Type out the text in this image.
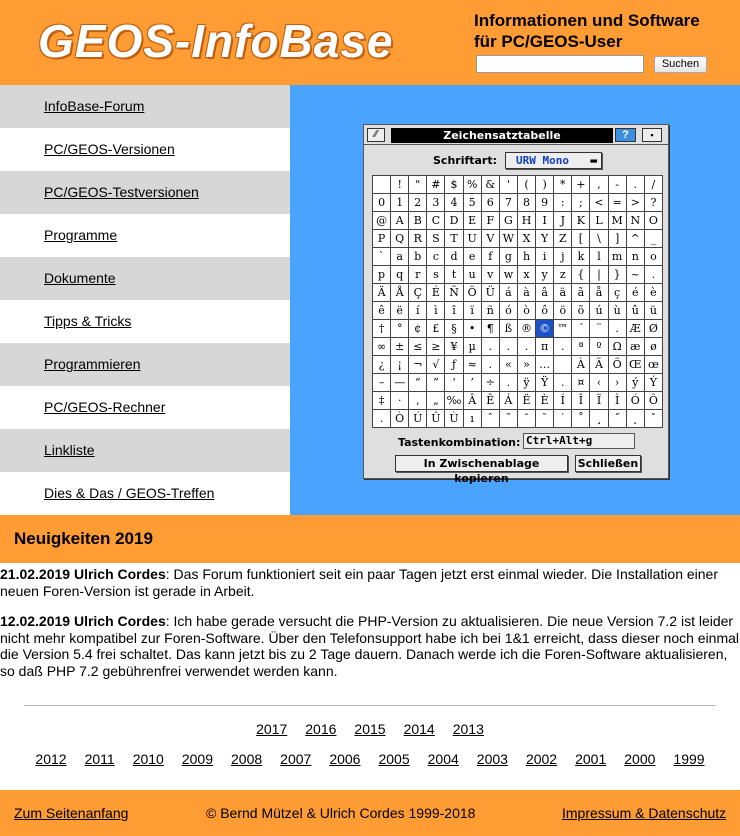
GEOS-InfoBase	Informationen und Software
für PC/GEOS-User
Suchen
InfoBase-Forum
PC/GEOS-Versionen
PC/GEOS-Testversionen
Programme
Dokumente
Tipps & Tricks
Programmieren
PC/GEOS-Rechner
Linkliste
Dies & Das / GEOS-Treffen
∕∕	Zeichensatztabelle	?	▪
Schriftart:	URW Mono ▬
	!	"	#	$	%	&	'	(	)	*	+	,	-	.	/
0	1	2	3	4	5	6	7	8	9	:	;	<	=	>	?
@	A	B	C	D	E	F	G	H	I	J	K	L	M	N	O
P	Q	R	S	T	U	V	W	X	Y	Z	[	\	]	^	_
`	a	b	c	d	e	f	g	h	i	j	k	l	m	n	o
p	q	r	s	t	u	v	w	x	y	z	{	|	}	~	.
Ä	Å	Ç	É	Ñ	Ö	Ü	á	à	â	ä	ã	å	ç	é	è
ê	ë	í	ì	î	ï	ñ	ó	ò	ô	ö	õ	ú	ù	û	ü
†	°	¢	£	§	•	¶	ß	®	©	™	´	¨	.	Æ	Ø
∞	±	≤	≥	¥	µ	.	.	.	π	.	ª	º	Ω	æ	ø
¿	¡	¬	√	ƒ	≈	.	«	»	…		À	Ã	Õ	Œ	œ
–	—	“	”	‘	’	÷	.	ÿ	Ÿ	.	¤	‹	›	ý	Ý
‡	·	‚	„	‰	Â	Ê	Á	Ë	È	Í	Î	Ï	Ì	Ó	Ô
.	Ò	Ú	Û	Ù	ı	ˆ	˜	¯	˘	˙	˚	¸	˝	˛	ˇ
Tastenkombination: Ctrl+Alt+g
In Zwischenablage kopieren
Schließen
Neuigkeiten 2019
21.02.2019 Ulrich Cordes: Das Forum funktioniert seit ein paar Tagen jetzt erst einmal wieder. Die Installation einer neuen Foren-Version ist gerade in Arbeit.
12.02.2019 Ulrich Cordes: Ich habe gerade versucht die PHP-Version zu aktualisieren. Die neue Version 7.2 ist leider nicht mehr kompatibel zur Foren-Software. Über den Telefonsupport habe ich bei 1&1 erreicht, dass dieser noch einmal die Version 5.4 frei schaltet. Das kann jetzt bis zu 2 Tage dauern. Danach werde ich die Foren-Software aktualisieren, so daß PHP 7.2 gebührenfrei verwendet werden kann.
2017 2016 2015 2014 2013
2012 2011 2010 2009 2008 2007 2006 2005 2004 2003 2002 2001 2000 1999
Zum Seitenanfang	© Bernd Mützel & Ulrich Cordes 1999-2018	Impressum & Datenschutz
